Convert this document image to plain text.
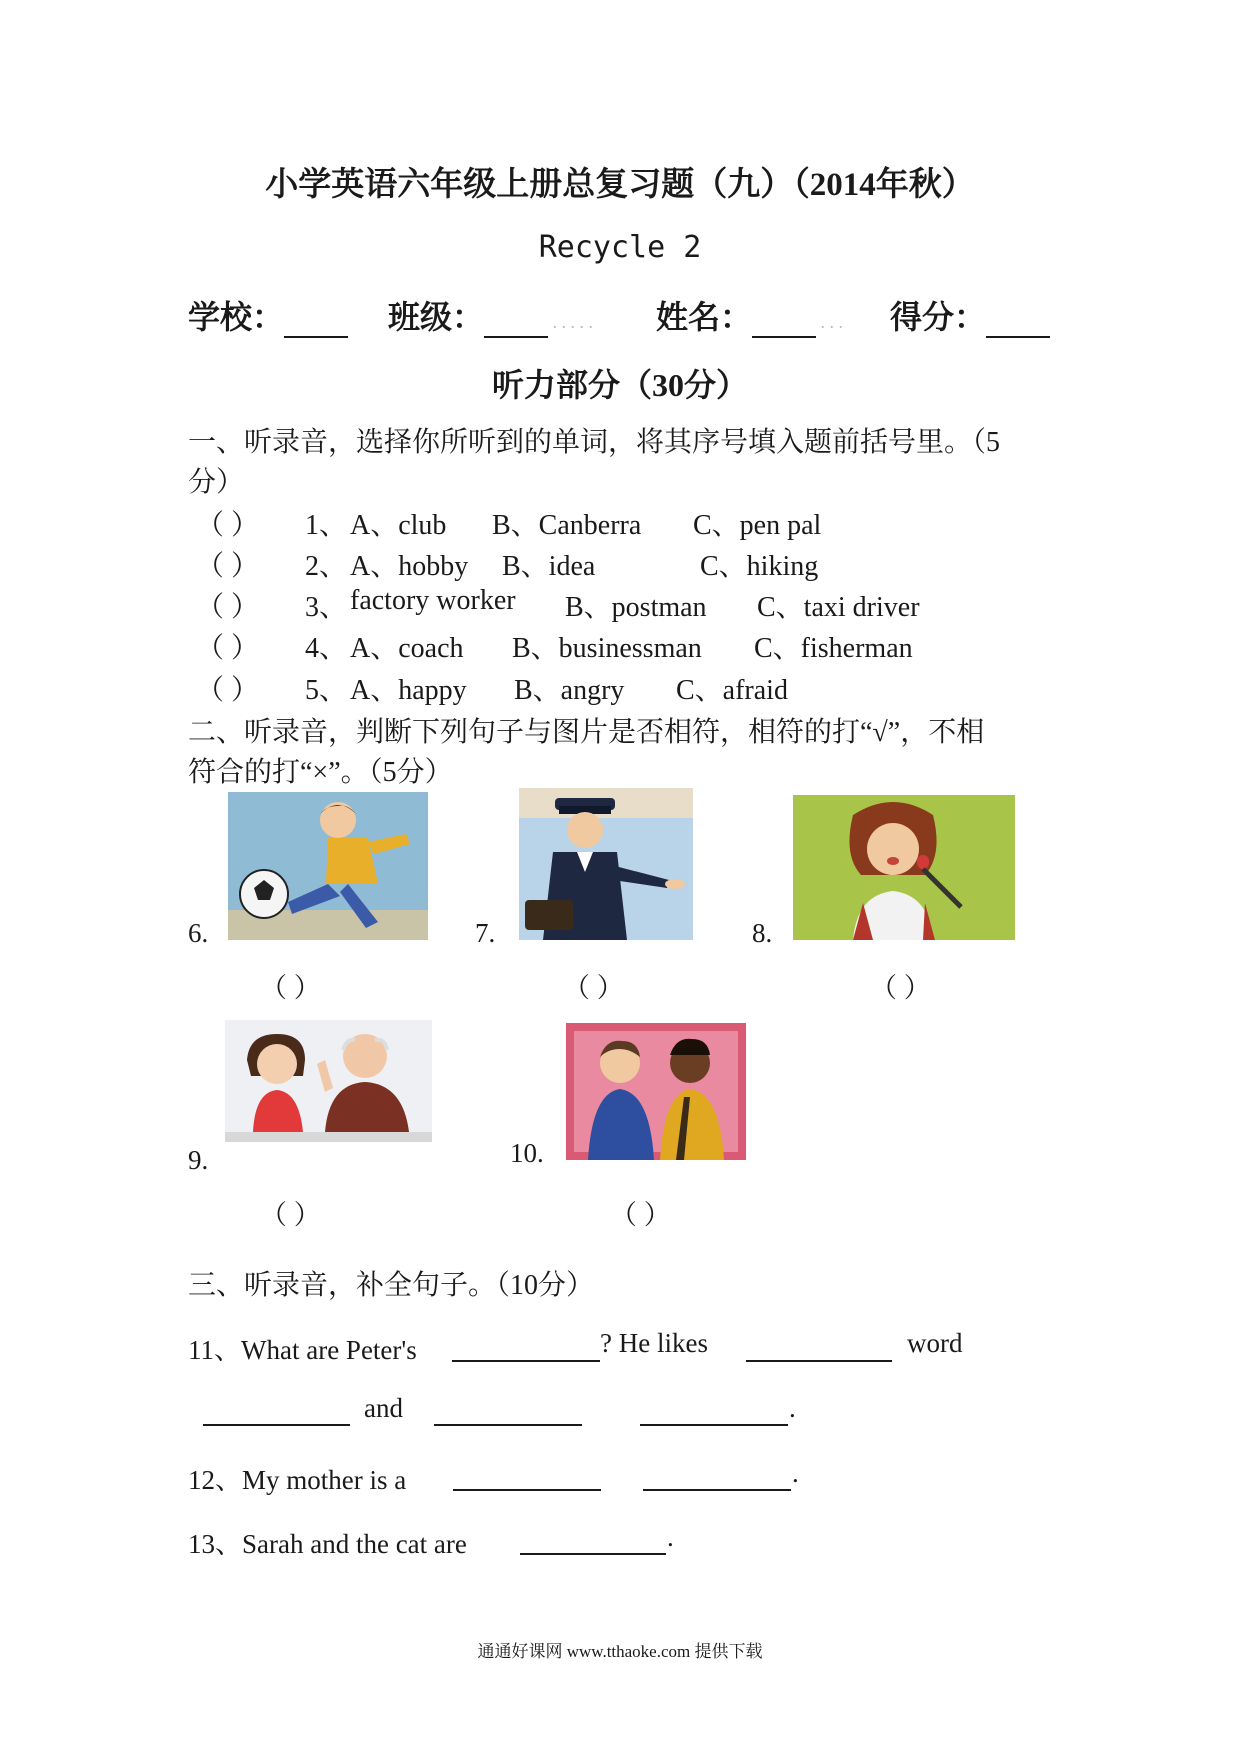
小学英语六年级上册总复习题（九）（2014年秋）
Recycle 2
学校：	班级：	. . . . . 姓名：	. . . 得分：
听力部分（30分）
一、听录音，选择你所听到的单词，将其序号填入题前括号里。（5
分）
（ ） 1、 A、club B、Canberra C、pen pal
（ ） 2、 A、hobby B、idea	C、hiking
（ ） 3、 factory worker B、postman C、taxi driver
（ ） 4、 A、coach B、businessman C、fisherman
（ ） 5、 A、happy B、angry C、afraid
二、听录音，判断下列句子与图片是否相符，相符的打“√”，不相
符合的打“×”。（5分）
6.
（ ）
7.
（ ）
8.
（ ）
9.
（ ）
10.
（ ）
三、听录音，补全句子。（10分）
11、What are Peter's	? He likes	word
and	.
12、My mother is a	.
13、Sarah and the cat are	.
通通好课网 www.tthaoke.com 提供下载
